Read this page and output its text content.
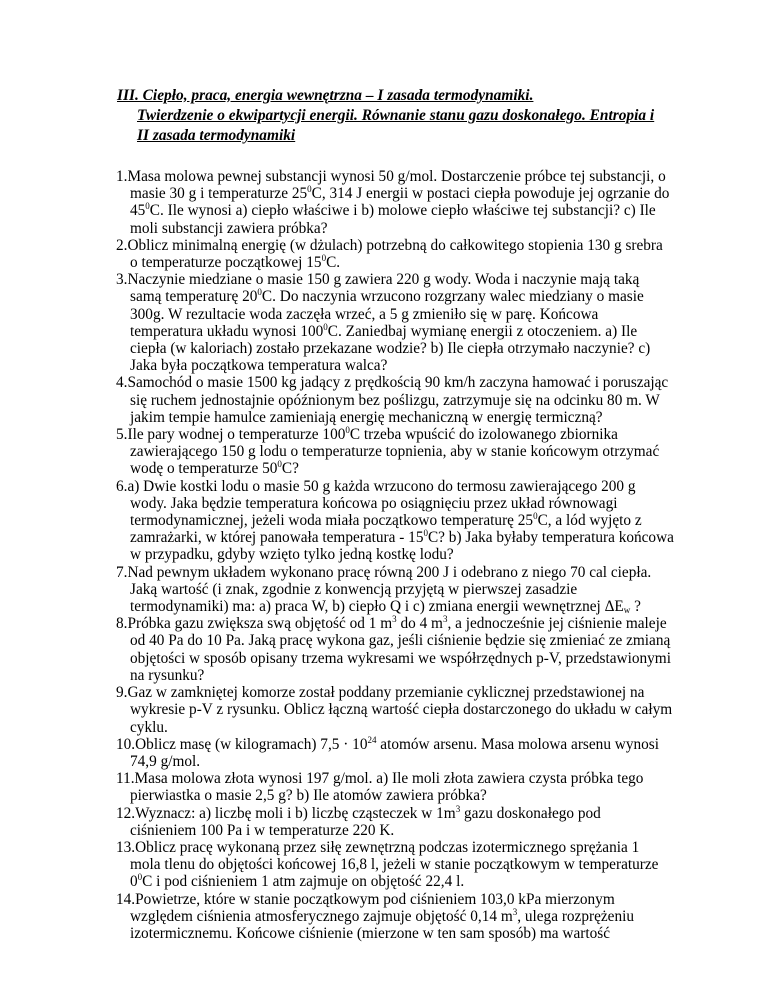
III. Ciepło, praca, energia wewnętrzna – I zasada termodynamiki.
Twierdzenie o ekwipartycji energii. Równanie stanu gazu doskonałego. Entropia i
II zasada termodynamiki
1.Masa molowa pewnej substancji wynosi 50 g/mol. Dostarczenie próbce tej substancji, o
masie 30 g i temperaturze $25^0C$, 314 J energii w postaci ciepła powoduje jej ogrzanie do
$45^0C$. Ile wynosi a) ciepło właściwe i b) molowe ciepło właściwe tej substancji? c) Ile
moli substancji zawiera próbka?
2.Oblicz minimalną energię (w dżulach) potrzebną do całkowitego stopienia 130 g srebra
o temperaturze początkowej $15^0C$.
3.Naczynie miedziane o masie 150 g zawiera 220 g wody. Woda i naczynie mają taką
samą temperaturę $20^0C$. Do naczynia wrzucono rozgrzany walec miedziany o masie
300g. W rezultacie woda zaczęła wrzeć, a 5 g zmieniło się w parę. Końcowa
temperatura układu wynosi $100^0C$. Zaniedbaj wymianę energii z otoczeniem. a) Ile
ciepła (w kaloriach) zostało przekazane wodzie? b) Ile ciepła otrzymało naczynie? c)
Jaka była początkowa temperatura walca?
4.Samochód o masie 1500 kg jadący z prędkością 90 km/h zaczyna hamować i poruszając
się ruchem jednostajnie opóźnionym bez poślizgu, zatrzymuje się na odcinku 80 m. W
jakim tempie hamulce zamieniają energię mechaniczną w energię termiczną?
5.Ile pary wodnej o temperaturze $100^0C$ trzeba wpuścić do izolowanego zbiornika
zawierającego 150 g lodu o temperaturze topnienia, aby w stanie końcowym otrzymać
wodę o temperaturze $50^0C$?
6.a) Dwie kostki lodu o masie 50 g każda wrzucono do termosu zawierającego 200 g
wody. Jaka będzie temperatura końcowa po osiągnięciu przez układ równowagi
termodynamicznej, jeżeli woda miała początkowo temperaturę $25^0C$, a lód wyjęto z
zamrażarki, w której panowała temperatura - $15^0C$? b) Jaka byłaby temperatura końcowa
w przypadku, gdyby wzięto tylko jedną kostkę lodu?
7.Nad pewnym układem wykonano pracę równą 200 J i odebrano z niego 70 cal ciepła.
Jaką wartość (i znak, zgodnie z konwencją przyjętą w pierwszej zasadzie
termodynamiki) ma: a) praca W, b) ciepło Q i c) zmiana energii wewnętrznej $\Delta E_w$ ?
8.Próbka gazu zwiększa swą objętość od 1 $m^3$ do 4 $m^3$, a jednocześnie jej ciśnienie maleje
od 40 Pa do 10 Pa. Jaką pracę wykona gaz, jeśli ciśnienie będzie się zmieniać ze zmianą
objętości w sposób opisany trzema wykresami we współrzędnych p-V, przedstawionymi
na rysunku?
9.Gaz w zamkniętej komorze został poddany przemianie cyklicznej przedstawionej na
wykresie p-V z rysunku. Oblicz łączną wartość ciepła dostarczonego do układu w całym
cyklu.
10.Oblicz masę (w kilogramach) $7,5 \cdot 10^{24}$ atomów arsenu. Masa molowa arsenu wynosi
74,9 g/mol.
11.Masa molowa złota wynosi 197 g/mol. a) Ile moli złota zawiera czysta próbka tego
pierwiastka o masie 2,5 g? b) Ile atomów zawiera próbka?
12.Wyznacz: a) liczbę moli i b) liczbę cząsteczek w $1m^3$ gazu doskonałego pod
ciśnieniem 100 Pa i w temperaturze 220 K.
13.Oblicz pracę wykonaną przez siłę zewnętrzną podczas izotermicznego sprężania 1
mola tlenu do objętości końcowej 16,8 l, jeżeli w stanie początkowym w temperaturze
$0^0C$ i pod ciśnieniem 1 atm zajmuje on objętość 22,4 l.
14.Powietrze, które w stanie początkowym pod ciśnieniem 103,0 kPa mierzonym
względem ciśnienia atmosferycznego zajmuje objętość 0,14 $m^3$, ulega rozprężeniu
izotermicznemu. Końcowe ciśnienie (mierzone w ten sam sposób) ma wartość
